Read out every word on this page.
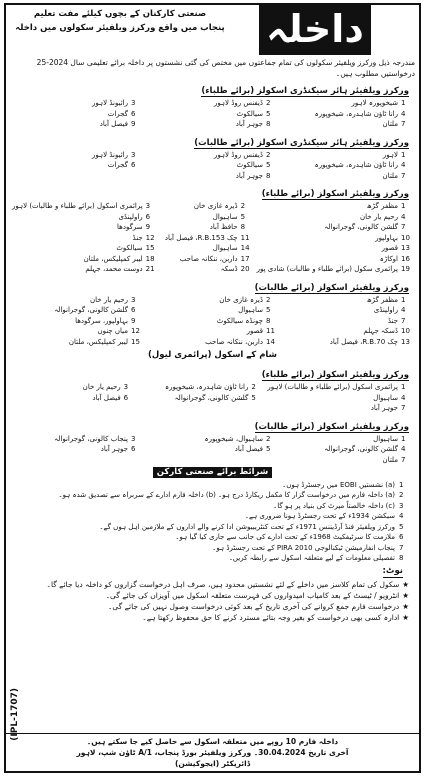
داخلہ
صنعتی کارکنان کے بچوں کیلئے مفت تعلیم
پنجاب میں واقع ورکرز ویلفیئر سکولوں میں داخلہ
مندرجہ ذیل ورکرز ویلفیئر سکولوں کی تمام جماعتوں میں مختص کی گئی نشستوں پر داخلہ برائے تعلیمی سال 2024-25 درخواستیں مطلوب ہیں۔
ورکرز ویلفیئر ہائر سیکنڈری اسکولز (برائے طلباء)
1
شیخوپورہ لاہور
2
ڈیفنس روڈ لاہور
3
رائیونڈ لاہور
4
رانا ٹاؤن شاہدرہ، شیخوپورہ
5
سیالکوٹ
6
گجرات
7
ملتان
8
جوہر آباد
9
فیصل آباد
ورکرز ویلفیئر ہائر سیکنڈری اسکولز (برائے طالبات)
1
لاہور
2
ڈیفنس روڈ لاہور
3
رائیونڈ لاہور
4
رانا ٹاؤن شاہدرہ، شیخوپورہ
5
سیالکوٹ
6
گجرات
7
ملتان
8
جوہر آباد
ورکرز ویلفیئر اسکولز (برائے طلباء)
1
مظفر گڑھ
2
ڈیرہ غازی خان
3
پرائمری اسکول (برائے طلباء و طالبات) لاہور
4
رحیم یار خان
5
ساہیوال
6
راولپنڈی
7
گلشن کالونی، گوجرانوالہ
8
حافظ آباد
9
سرگودھا
10
بہاولپور
11
چک R.B.153، فیصل آباد
12
جنڈ
13
قصور
14
ساہیوال
15
سیالکوٹ
16
اوکاڑہ
17
داربن، ننکانہ صاحب
18
لیبر کمپلیکس، ملتان
19
پرائمری سکول (برائے طلباء و طالبات) شادی پور
20
ڈسکہ
21
دوست محمد، جہلم
ورکرز ویلفیئر اسکولز (برائے طالبات)
1
مظفر گڑھ
2
ڈیرہ غازی خان
3
رحیم یار خان
4
راولپنڈی
5
ساہیوال
6
گلشن کالونی، گوجرانوالہ
7
جنڈ
8
چونڈہ سیالکوٹ
9
بہاولپور، سرگودھا
10
ڈسکہ جہلم
11
قصور
12
میاں چنوں
13
چک R.B.70، فیصل آباد
14
داربن، ننکانہ صاحب
15
لیبر کمپلیکس، ملتان
شام کے اسکول (پرائمری لیول)
ورکرز ویلفیئر اسکولز (برائے طلباء)
1
پرائمری اسکول (برائے طلباء و طالبات) لاہور
2
رانا ٹاؤن شاہدرہ، شیخوپورہ
3
رحیم یار خان
4
ساہیوال
5
گلشن کالونی، گوجرانوالہ
6
فیصل آباد
7
جوہر آباد
ورکرز ویلفیئر اسکولز (برائے طالبات)
1
ساہیوال
2
ساہیوال، شیخوپورہ
3
پنجاب کالونی، گوجرانوالہ
4
گلشن کالونی، گوجرانوالہ
5
فیصل آباد
6
جوہر آباد
7
ملتان
شرائط برائے صنعتی کارکن
1
(a) نشستیں EOBI میں رجسٹرڈ ہوں۔
2
(a) داخلہ فارم میں درخواست گزار کا مکمل ریکارڈ درج ہو۔ (b) داخلہ فارم ادارے کے سربراہ سے تصدیق شدہ ہو۔
3
(c) داخلہ خالصتاً میرٹ کی بنیاد پر ہو گا۔
4
سیکشن 1934ء کے تحت رجسٹرڈ ہونا ضروری ہے۔
5
ورکرز ویلفیئر فنڈ آرڈیننس 1971ء کے تحت کنٹریبیوشن ادا کرنے والے اداروں کے ملازمین اہل ہوں گے۔
6
ملازمت کا سرٹیفکیٹ 1968ء کے تحت ادارے کی جانب سے جاری کیا گیا ہو۔
7
پنجاب انفارمیشن ٹیکنالوجی PIRA 2010 کے تحت رجسٹرڈ ہو۔
8
تفصیلی معلومات کے لیے متعلقہ اسکول سے رابطہ کریں۔
نوٹ:
★سکول کی تمام کلاسز میں داخلے کے لئے نشستیں محدود ہیں، صرف اہل درخواست گزاروں کو داخلہ دیا جائے گا۔
★انٹرویو / ٹیسٹ کے بعد کامیاب امیدواروں کی فہرست متعلقہ اسکول میں آویزاں کی جائے گی۔
★درخواست فارم جمع کروانے کی آخری تاریخ کے بعد کوئی درخواست وصول نہیں کی جائے گی۔
★ادارہ کسی بھی درخواست کو بغیر وجہ بتائے مسترد کرنے کا حق محفوظ رکھتا ہے۔
(IPL-1707)
داخلہ فارم 10 روپے میں متعلقہ اسکول سے حاصل کیے جا سکتے ہیں۔
آخری تاریخ 30.04.2024۔ ورکرز ویلفیئر بورڈ پنجاب، 1/A ٹاؤن شپ، لاہور
ڈائریکٹر (ایجوکیشن)
